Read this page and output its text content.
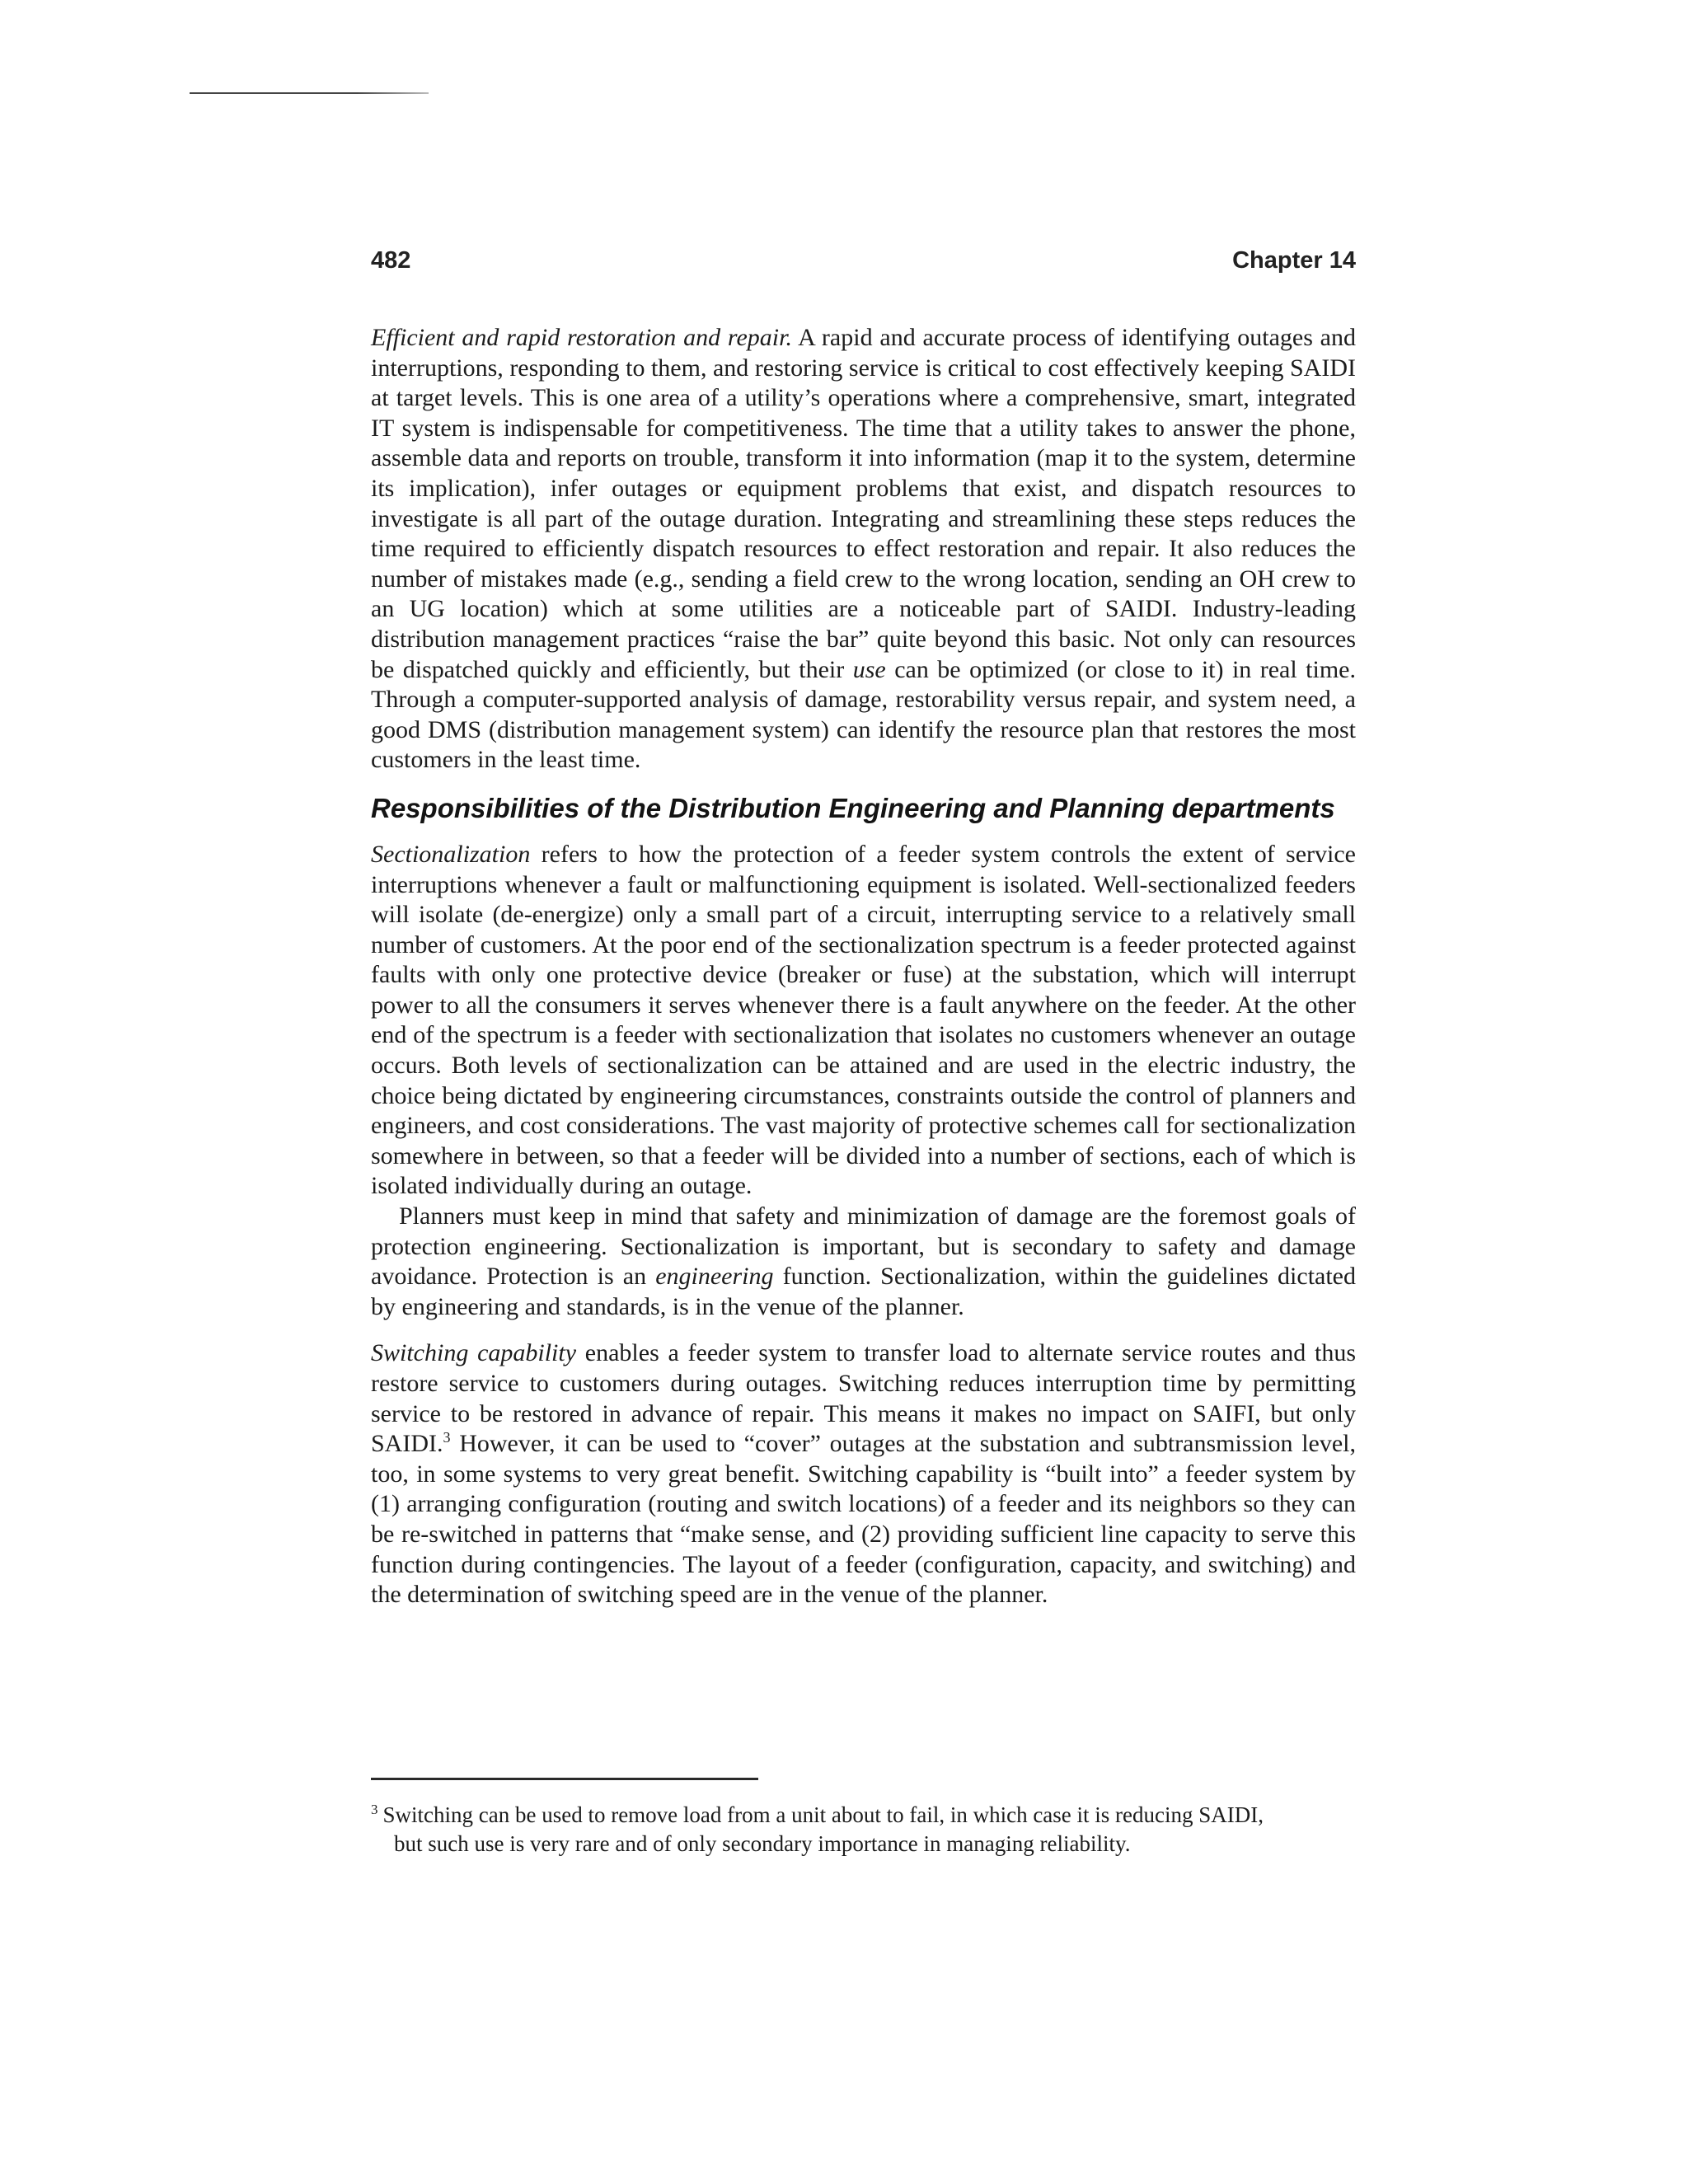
482	Chapter 14

Efficient and rapid restoration and repair. A rapid and accurate process of identifying outages and interruptions, responding to them, and restoring service is critical to cost effectively keeping SAIDI at target levels. This is one area of a utility’s operations where a comprehensive, smart, integrated IT system is indispensable for competitiveness. The time that a utility takes to answer the phone, assemble data and reports on trouble, transform it into information (map it to the system, determine its implication), infer outages or equipment problems that exist, and dispatch resources to investigate is all part of the outage duration. Integrating and streamlining these steps reduces the time required to efficiently dispatch resources to effect restoration and repair. It also reduces the number of mistakes made (e.g., sending a field crew to the wrong location, sending an OH crew to an UG location) which at some utilities are a noticeable part of SAIDI. Industry-leading distribution management practices “raise the bar” quite beyond this basic. Not only can resources be dispatched quickly and efficiently, but their use can be optimized (or close to it) in real time. Through a computer-supported analysis of damage, restorability versus repair, and system need, a good DMS (distribution management system) can identify the resource plan that restores the most customers in the least time.

Responsibilities of the Distribution Engineering and Planning departments

Sectionalization refers to how the protection of a feeder system controls the extent of service interruptions whenever a fault or malfunctioning equipment is isolated. Well-sectionalized feeders will isolate (de-energize) only a small part of a circuit, interrupting service to a relatively small number of customers. At the poor end of the sectionalization spectrum is a feeder protected against faults with only one protective device (breaker or fuse) at the substation, which will interrupt power to all the consumers it serves whenever there is a fault anywhere on the feeder. At the other end of the spectrum is a feeder with sectionalization that isolates no customers whenever an outage occurs. Both levels of sectionalization can be attained and are used in the electric industry, the choice being dictated by engineering circumstances, constraints outside the control of planners and engineers, and cost considerations. The vast majority of protective schemes call for sectionalization somewhere in between, so that a feeder will be divided into a number of sections, each of which is isolated individually during an outage.

Planners must keep in mind that safety and minimization of damage are the foremost goals of protection engineering. Sectionalization is important, but is secondary to safety and damage avoidance. Protection is an engineering function. Sectionalization, within the guidelines dictated by engineering and standards, is in the venue of the planner.

Switching capability enables a feeder system to transfer load to alternate service routes and thus restore service to customers during outages. Switching reduces interruption time by permitting service to be restored in advance of repair. This means it makes no impact on SAIFI, but only SAIDI.$^3$ However, it can be used to “cover” outages at the substation and subtransmission level, too, in some systems to very great benefit. Switching capability is “built into” a feeder system by (1) arranging configuration (routing and switch locations) of a feeder and its neighbors so they can be re-switched in patterns that “make sense, and (2) providing sufficient line capacity to serve this function during contingencies. The layout of a feeder (configuration, capacity, and switching) and the determination of switching speed are in the venue of the planner.

$^3$ Switching can be used to remove load from a unit about to fail, in which case it is reducing SAIDI,
but such use is very rare and of only secondary importance in managing reliability.
